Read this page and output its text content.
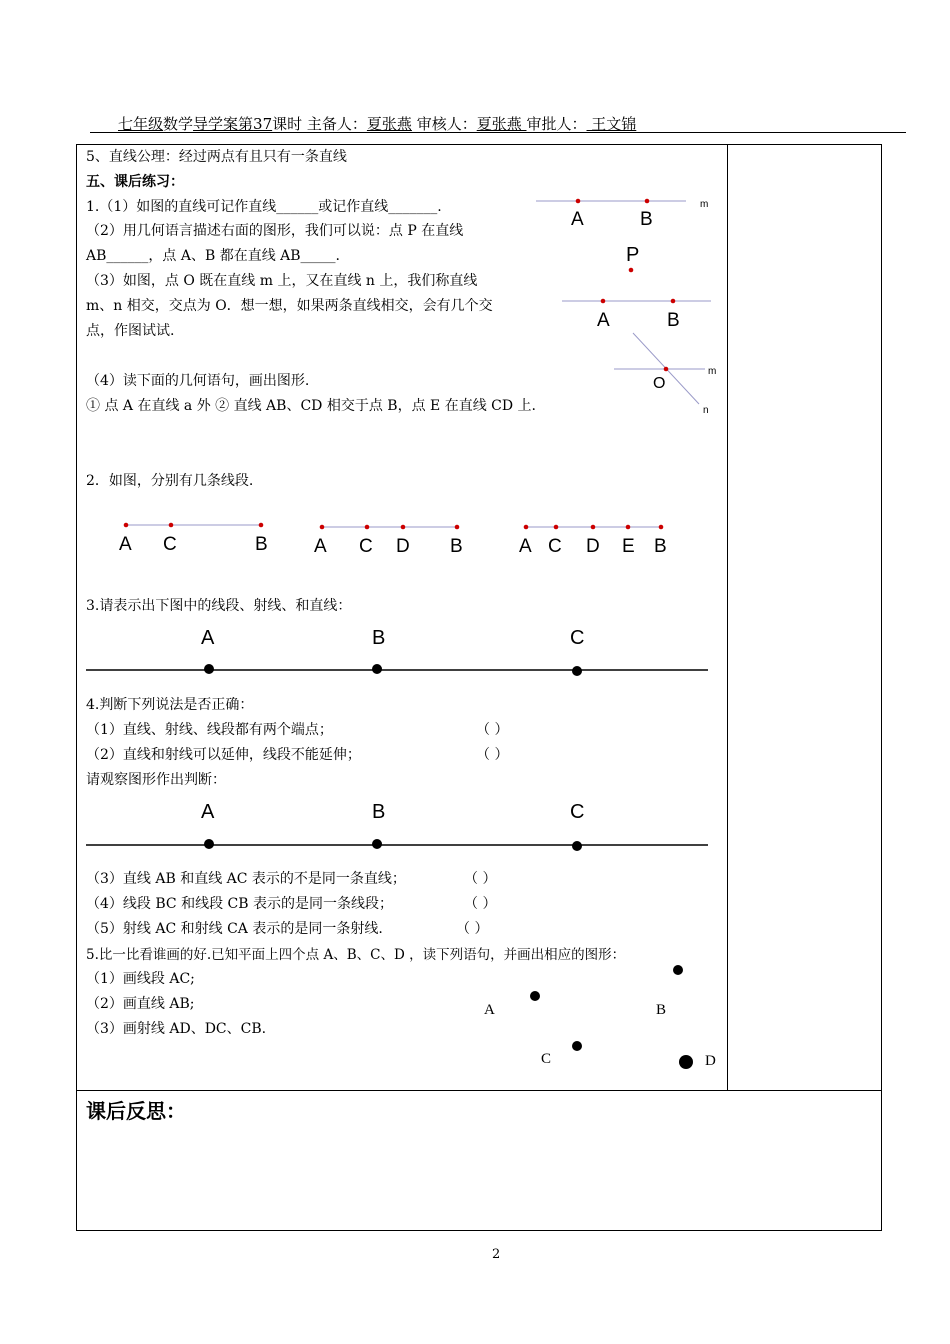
七年级数学导学案第37课时 主备人：夏张燕 审核人：夏张燕 审批人： 王文锦
5、直线公理：经过两点有且只有一条直线
五、课后练习：
1.（1）如图的直线可记作直线______或记作直线_______.
（2）用几何语言描述右面的图形，我们可以说：点 P 在直线
AB______，点 A、B 都在直线 AB_____.
（3）如图，点 O 既在直线 m 上，又在直线 n 上，我们称直线
m、n 相交，交点为 O．想一想，如果两条直线相交，会有几个交
点，作图试试.
（4）读下面的几何语句，画出图形.
① 点 A 在直线 a 外 ② 直线 AB、CD 相交于点 B，点 E 在直线 CD 上.
2．如图，分别有几条线段.
3.请表示出下图中的线段、射线、和直线：
4.判断下列说法是否正确：
（1）直线、射线、线段都有两个端点；	（ ）
（2）直线和射线可以延伸，线段不能延伸；	（ ）
请观察图形作出判断：
（3）直线 AB 和直线 AC 表示的不是同一条直线；	（ ）
（4）线段 BC 和线段 CB 表示的是同一条线段；	（ ）
（5）射线 AC 和射线 CA 表示的是同一条射线.	（ ）
5.比一比看谁画的好.已知平面上四个点 A、B、C、D ，读下列语句，并画出相应的图形：
（1）画线段 AC;
（2）画直线 AB;
（3）画射线 AD、DC、CB.
课后反思：
2
A	B
m
P
A	B
O
m
n
A C	B A C D B	A C D E B
A	B	C
A	B	C
A	B
C	D
